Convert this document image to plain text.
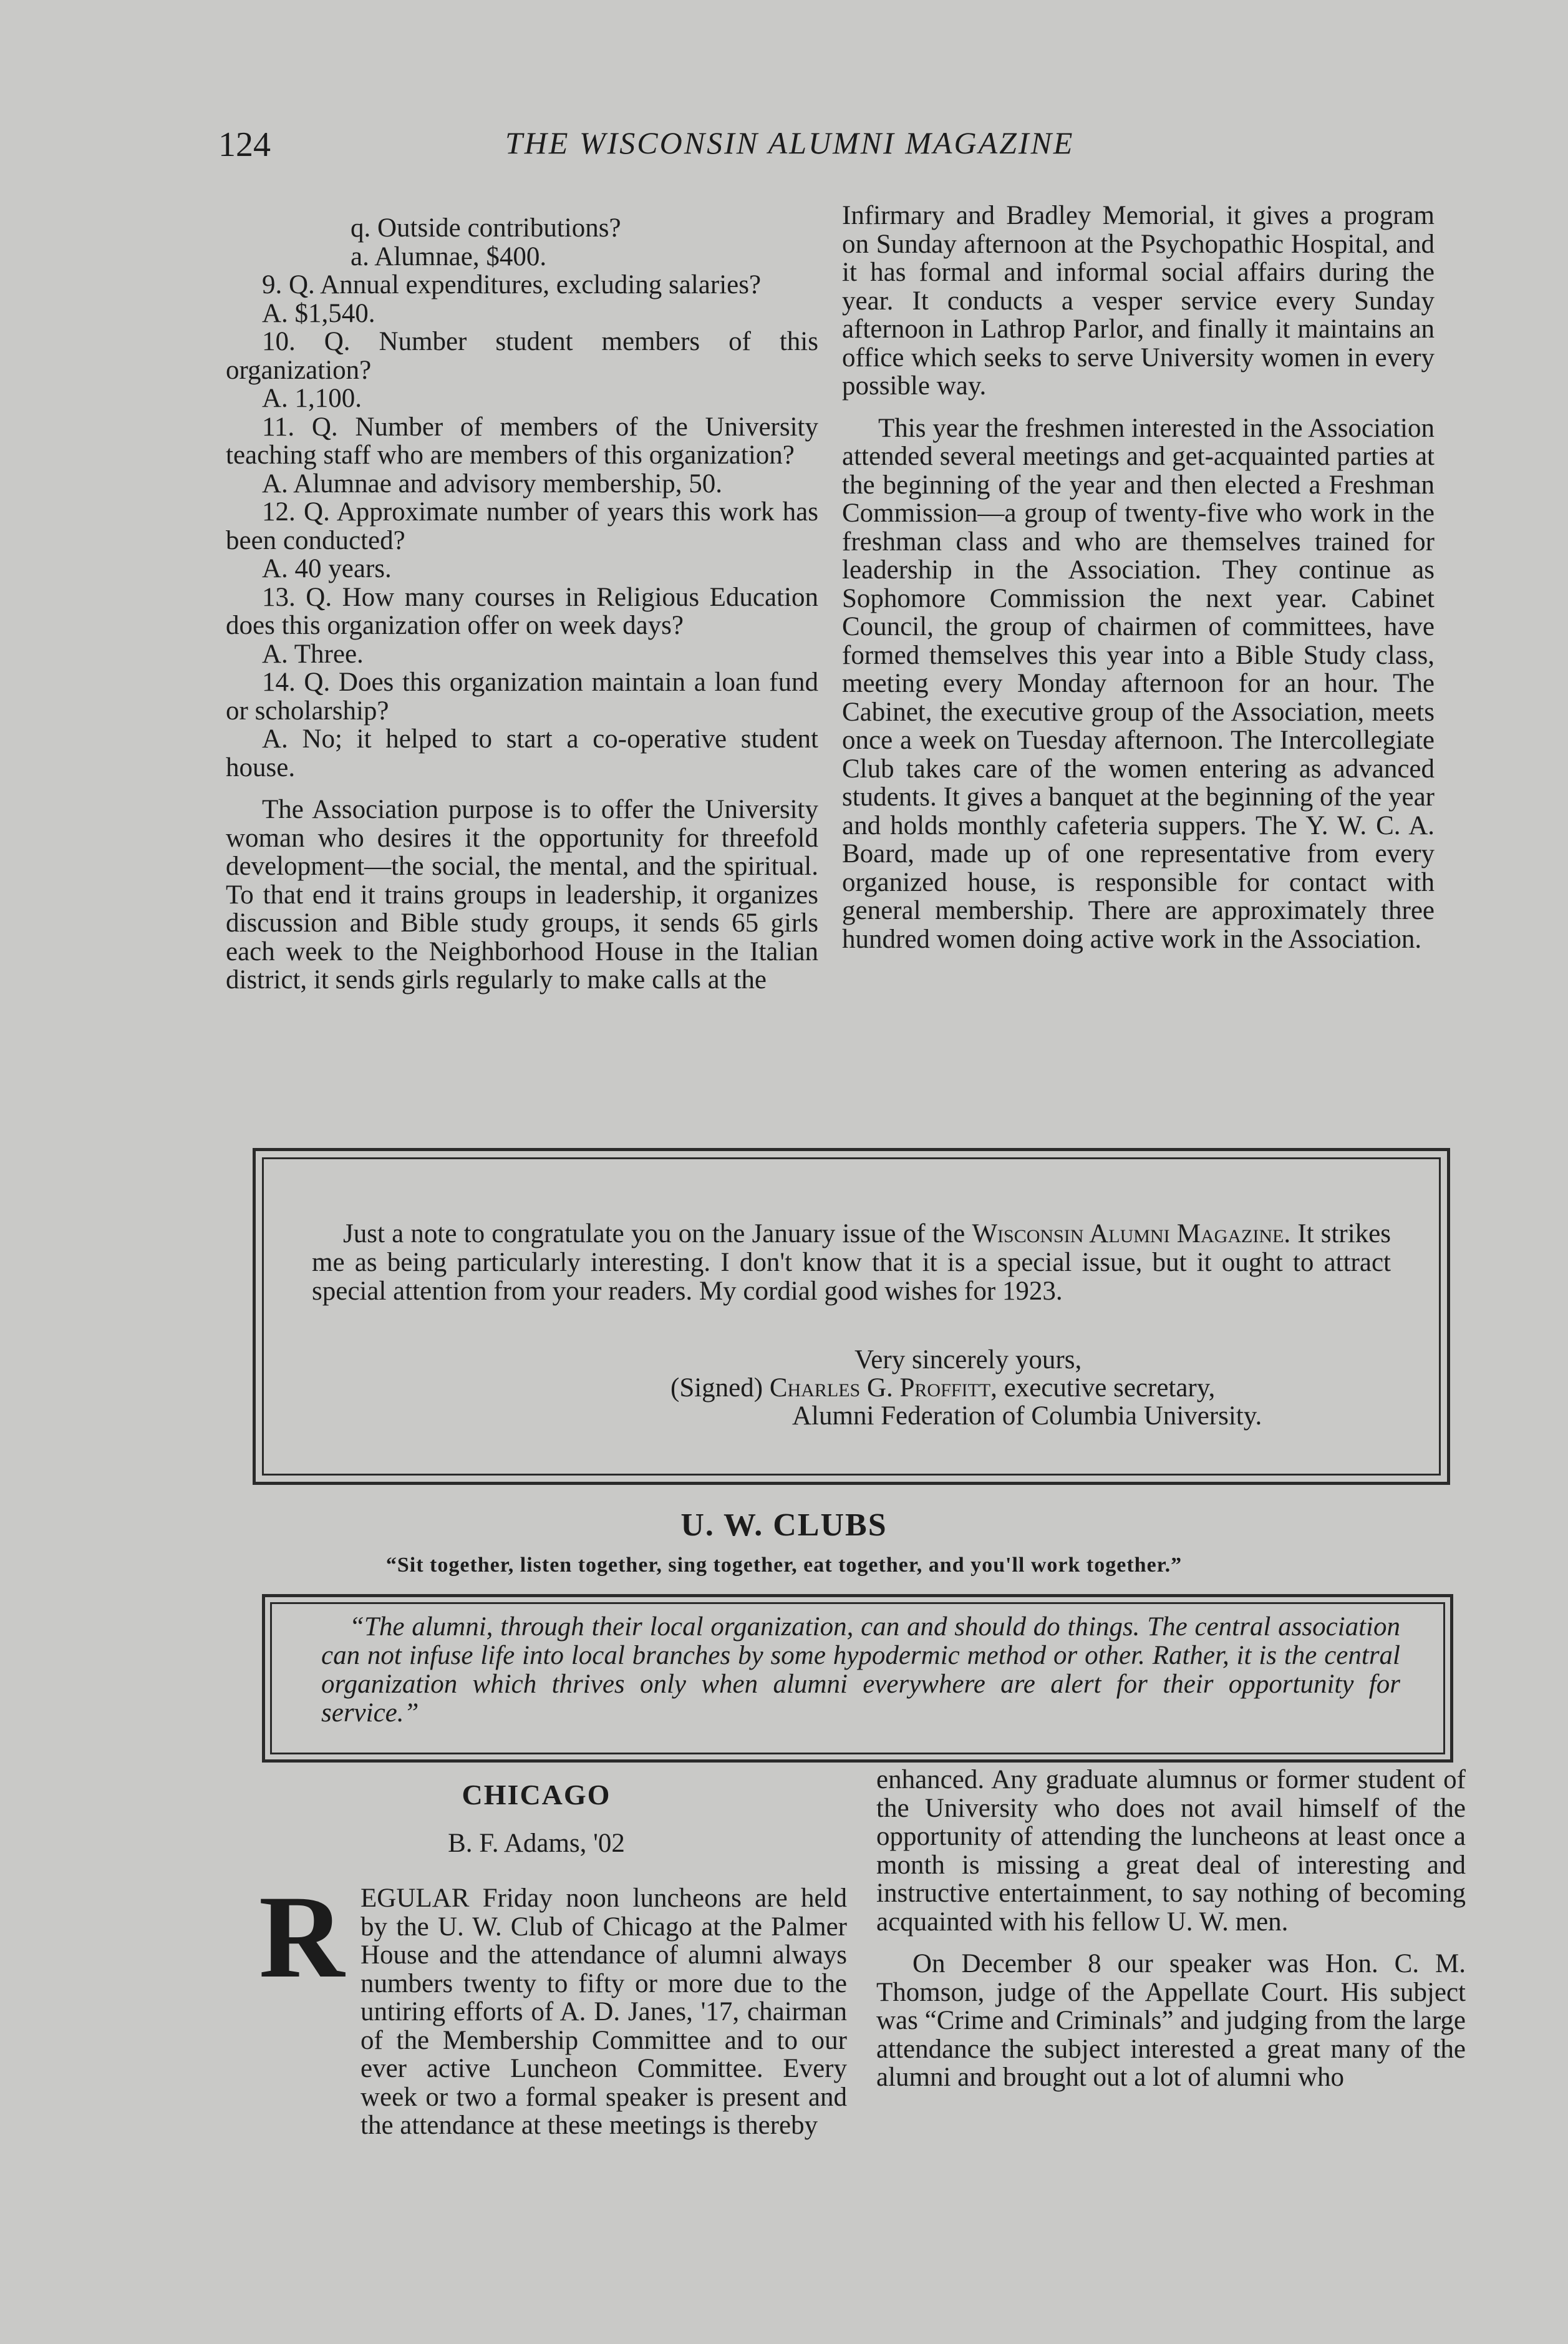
124	THE WISCONSIN ALUMNI MAGAZINE

q. Outside contributions?

a. Alumnae, $400.

9. Q. Annual expenditures, excluding salaries?

A. $1,540.

10. Q. Number student members of this organization?

A. 1,100.

11. Q. Number of members of the University teaching staff who are members of this organization?

A. Alumnae and advisory membership, 50.

12. Q. Approximate number of years this work has been conducted?

A. 40 years.

13. Q. How many courses in Religious Education does this organization offer on week days?

A. Three.

14. Q. Does this organization maintain a loan fund or scholarship?

A. No; it helped to start a co-operative student house.

The Association purpose is to offer the University woman who desires it the opportunity for threefold development—the social, the mental, and the spiritual. To that end it trains groups in leadership, it organizes discussion and Bible study groups, it sends 65 girls each week to the Neighborhood House in the Italian district, it sends girls regularly to make calls at the

Infirmary and Bradley Memorial, it gives a program on Sunday afternoon at the Psychopathic Hospital, and it has formal and informal social affairs during the year. It conducts a vesper service every Sunday afternoon in Lathrop Parlor, and finally it maintains an office which seeks to serve University women in every possible way.

This year the freshmen interested in the Association attended several meetings and get-acquainted parties at the beginning of the year and then elected a Freshman Commission—a group of twenty-five who work in the freshman class and who are themselves trained for leadership in the Association. They continue as Sophomore Commission the next year. Cabinet Council, the group of chairmen of committees, have formed themselves this year into a Bible Study class, meeting every Monday afternoon for an hour. The Cabinet, the executive group of the Association, meets once a week on Tuesday afternoon. The Intercollegiate Club takes care of the women entering as advanced students. It gives a banquet at the beginning of the year and holds monthly cafeteria suppers. The Y. W. C. A. Board, made up of one representative from every organized house, is responsible for contact with general membership. There are approximately three hundred women doing active work in the Association.

Just a note to congratulate you on the January issue of the Wisconsin Alumni Magazine. It strikes me as being particularly interesting. I don't know that it is a special issue, but it ought to attract special attention from your readers. My cordial good wishes for 1923.

Very sincerely yours,
(Signed) Charles G. Proffitt, executive secretary,
Alumni Federation of Columbia University.
U. W. CLUBS
“Sit together, listen together, sing together, eat together, and you'll work together.”

“The alumni, through their local organization, can and should do things. The central association can not infuse life into local branches by some hypodermic method or other. Rather, it is the central organization which thrives only when alumni everywhere are alert for their opportunity for service.”

CHICAGO
B. F. Adams, '02
R EGULAR Friday noon luncheons are held by the U. W. Club of Chicago at the Palmer House and the attendance of alumni always numbers twenty to fifty or more due to the untiring efforts of A. D. Janes, '17, chairman of the Membership Committee and to our ever active Luncheon Committee. Every week or two a formal speaker is present and the attendance at these meetings is thereby

enhanced. Any graduate alumnus or former student of the University who does not avail himself of the opportunity of attending the luncheons at least once a month is missing a great deal of interesting and instructive entertainment, to say nothing of becoming acquainted with his fellow U. W. men.

On December 8 our speaker was Hon. C. M. Thomson, judge of the Appellate Court. His subject was “Crime and Criminals” and judging from the large attendance the subject interested a great many of the alumni and brought out a lot of alumni who
